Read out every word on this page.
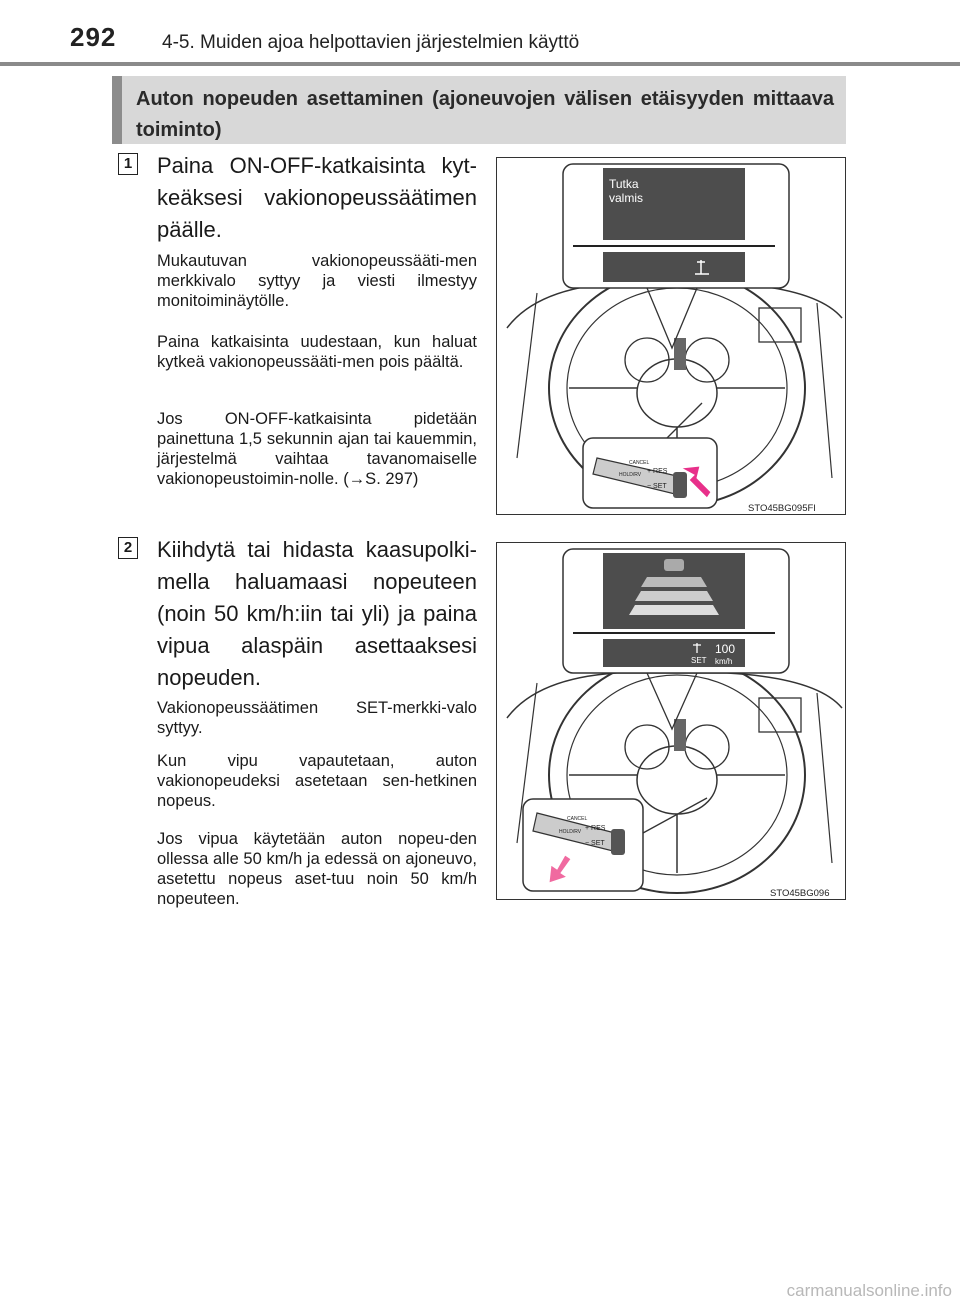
292 4-5. Muiden ajoa helpottavien järjestelmien käyttö
Auton nopeuden asettaminen (ajoneuvojen välisen etäisyyden mittaava toiminto)
1 Paina ON-OFF-katkaisinta kyt-keäksesi vakionopeussäätimen päälle.

Mukautuvan vakionopeussääti-men merkkivalo syttyy ja viesti ilmestyy monitoiminäytölle.

Paina katkaisinta uudestaan, kun haluat kytkeä vakionopeussääti-men pois päältä.

Jos ON-OFF-katkaisinta pidetään painettuna 1,5 sekunnin ajan tai kauemmin, järjestelmä vaihtaa tavanomaiselle vakionopeustoimin-nolle. (→S. 297)

Tutka
valmis
CANCEL
+ RES
HOLD/RV
− SET
STO45BG095FI
2 Kiihdytä tai hidasta kaasupolki-mella haluamaasi nopeuteen (noin 50 km/h:iin tai yli) ja paina vipua alaspäin asettaaksesi nopeuden.

Vakionopeussäätimen SET-merkki-valo syttyy.

Kun vipu vapautetaan, auton vakionopeudeksi asetetaan sen-hetkinen nopeus.

Jos vipua käytetään auton nopeu-den ollessa alle 50 km/h ja edessä on ajoneuvo, asetettu nopeus aset-tuu noin 50 km/h nopeuteen.

SET
100
km/h
CANCEL
+ RES
HOLD/RV
− SET
STO45BG096
carmanualsonline.info
